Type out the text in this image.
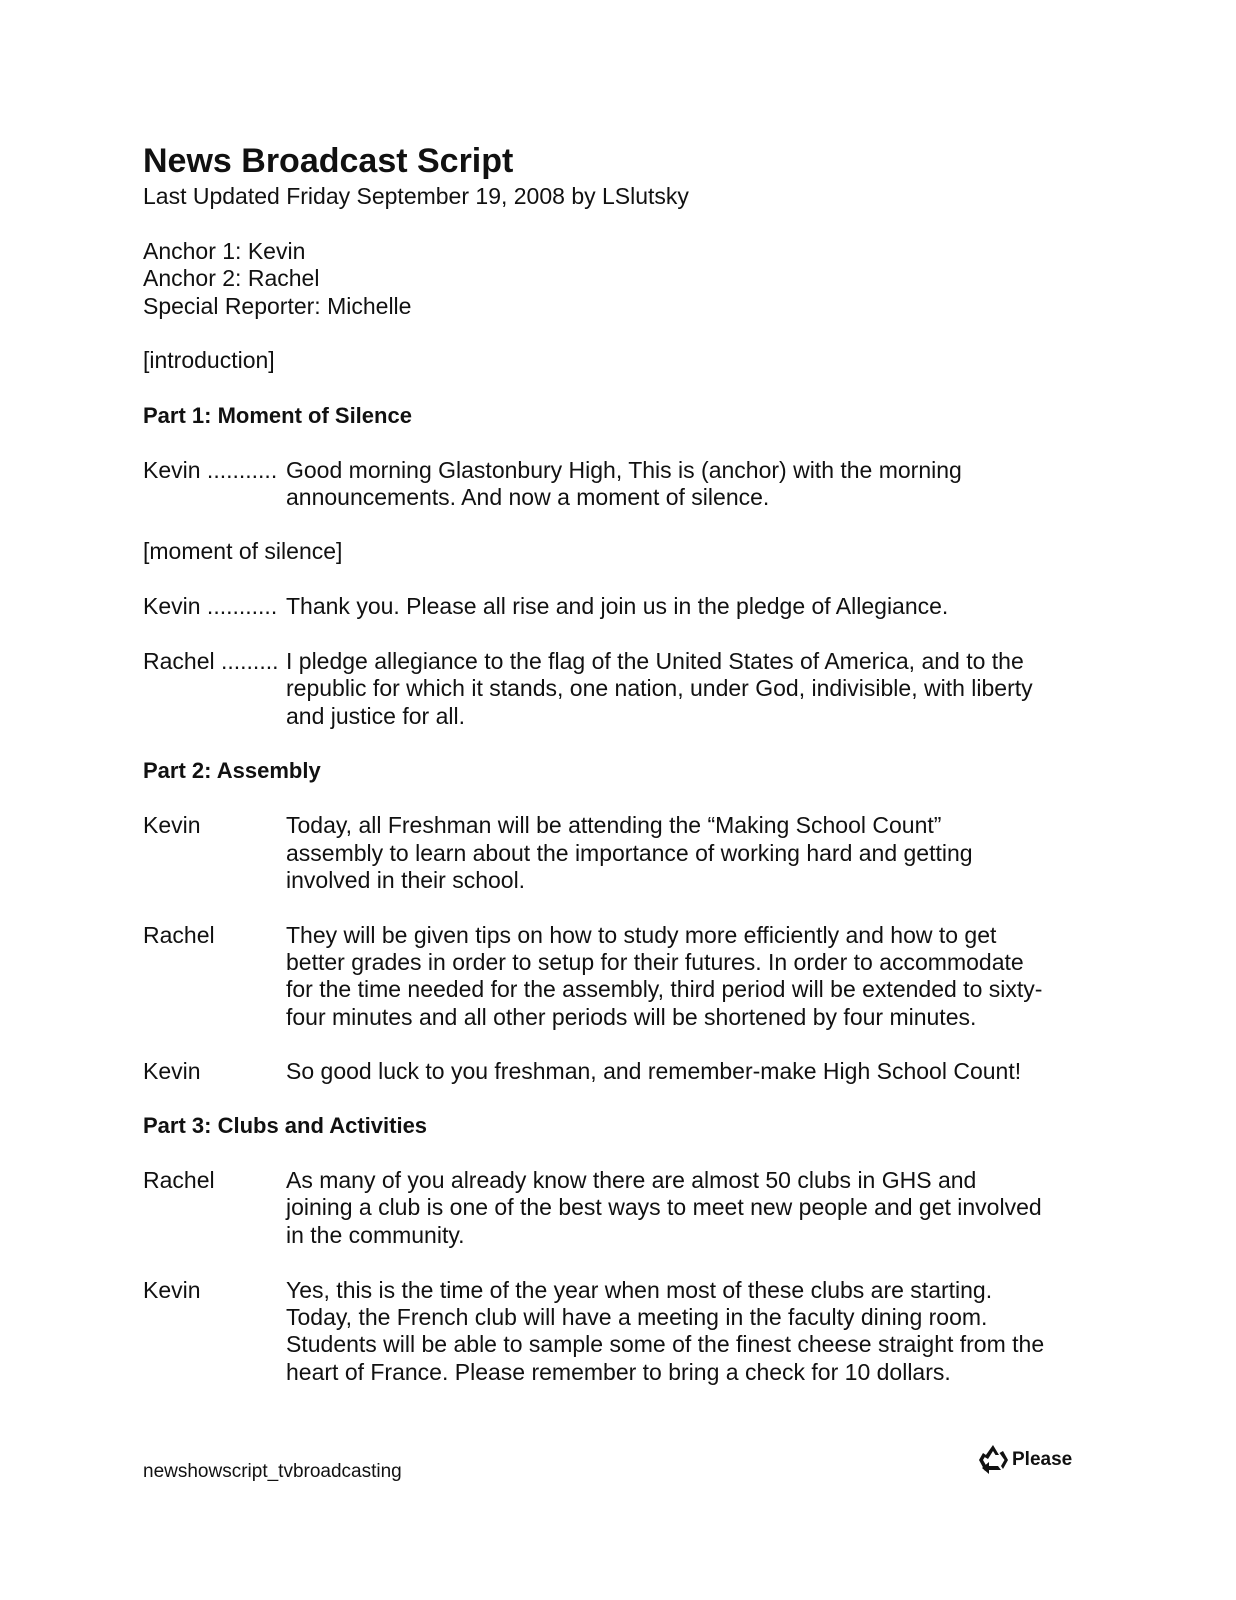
News Broadcast Script
Last Updated Friday September 19, 2008 by LSlutsky
Anchor 1: Kevin
Anchor 2: Rachel
Special Reporter: Michelle
[introduction]
Part 1: Moment of Silence
Kevin ........... Good morning Glastonbury High, This is (anchor) with the morning
announcements. And now a moment of silence.
[moment of silence]
Kevin ........... Thank you. Please all rise and join us in the pledge of Allegiance.
Rachel ......... I pledge allegiance to the flag of the United States of America, and to the
republic for which it stands, one nation, under God, indivisible, with liberty
and justice for all.
Part 2: Assembly
Kevin	Today, all Freshman will be attending the “Making School Count”
assembly to learn about the importance of working hard and getting
involved in their school.
Rachel	They will be given tips on how to study more efficiently and how to get
better grades in order to setup for their futures. In order to accommodate
for the time needed for the assembly, third period will be extended to sixty-
four minutes and all other periods will be shortened by four minutes.
Kevin	So good luck to you freshman, and remember-make High School Count!
Part 3: Clubs and Activities
Rachel	As many of you already know there are almost 50 clubs in GHS and
joining a club is one of the best ways to meet new people and get involved
in the community.
Kevin	Yes, this is the time of the year when most of these clubs are starting.
Today, the French club will have a meeting in the faculty dining room.
Students will be able to sample some of the finest cheese straight from the
heart of France. Please remember to bring a check for 10 dollars.
newshowscript_tvbroadcasting
Please
